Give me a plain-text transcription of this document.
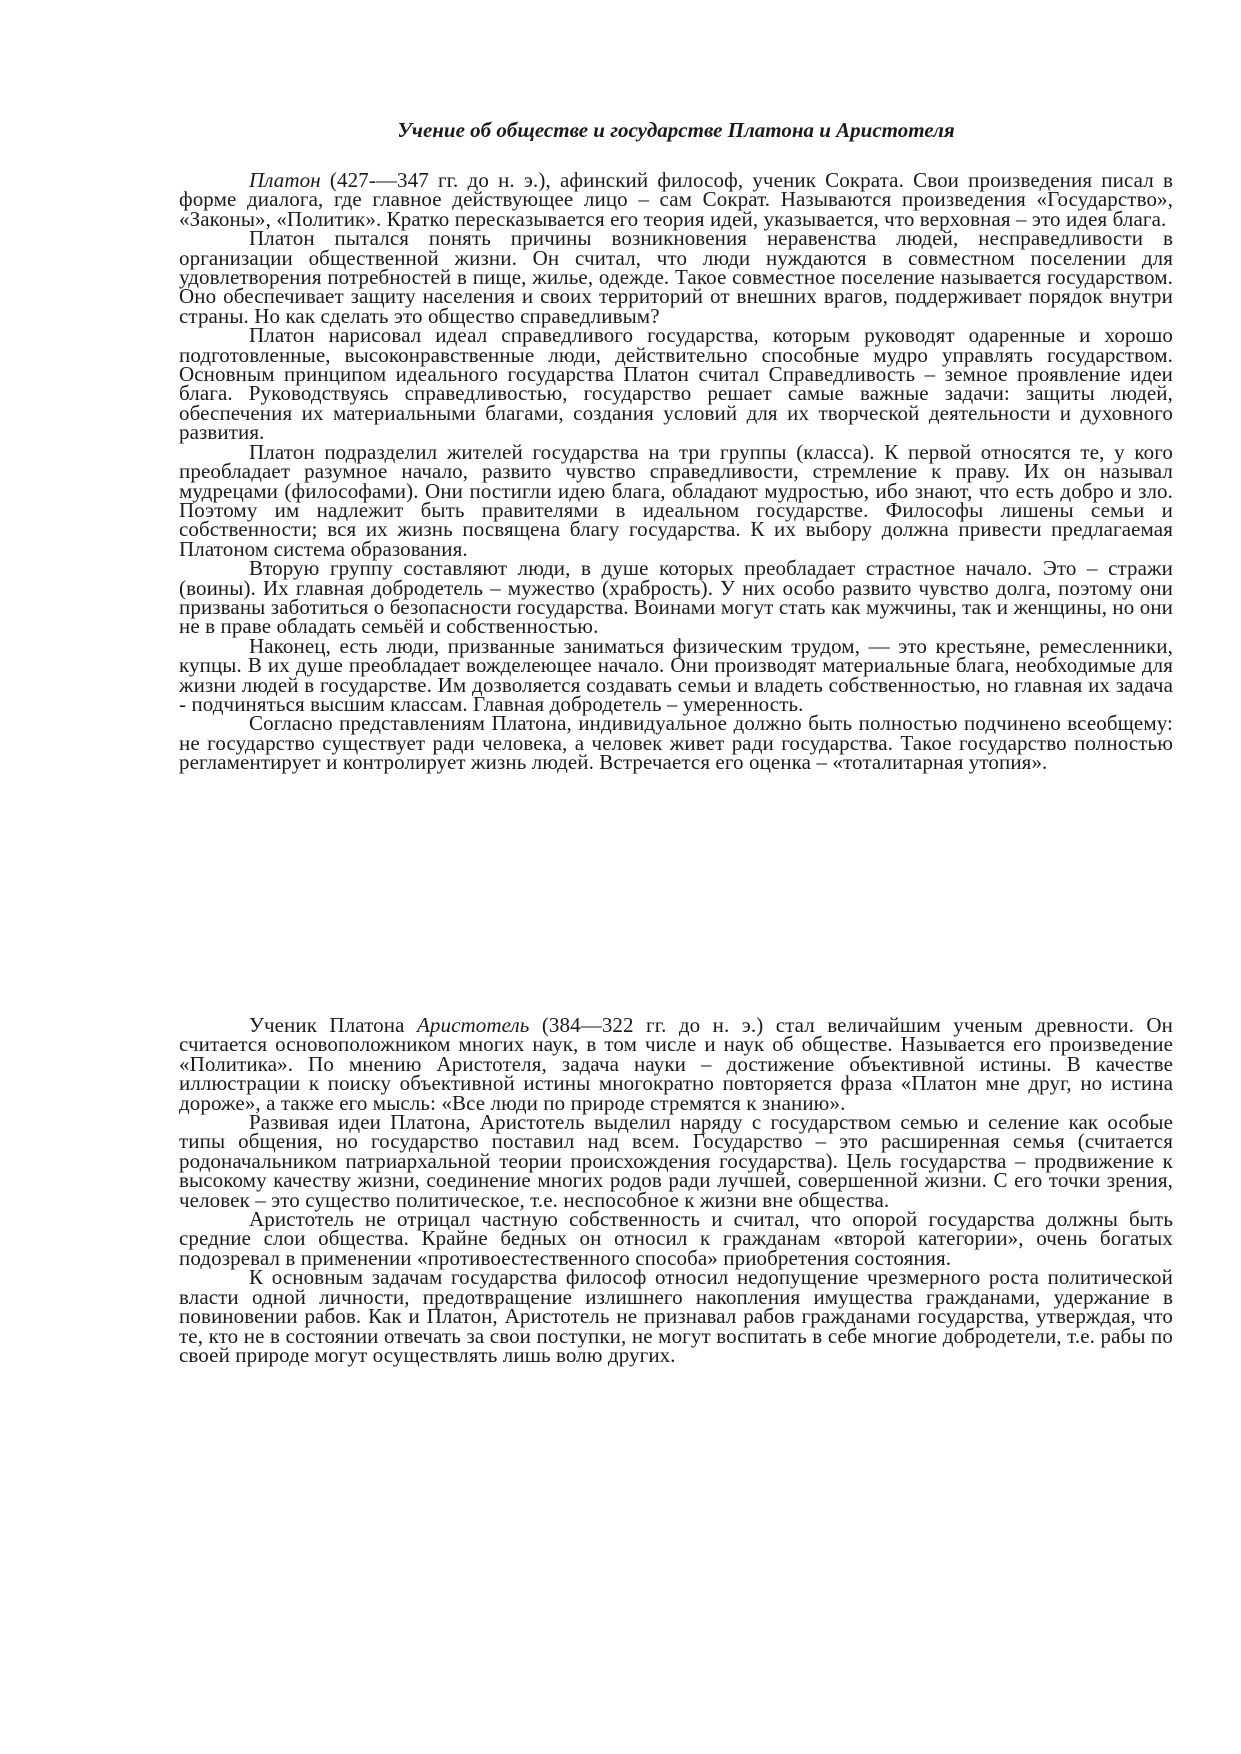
Учение об обществе и государстве Платона и Аристотеля

Платон (427-—347 гг. до н. э.), афинский философ, ученик Сократа. Свои произведения писал в форме диалога, где главное действующее лицо – сам Сократ. Называются произведения «Государство», «Законы», «Политик». Кратко пересказывается его теория идей, указывается, что верховная – это идея блага.

Платон пытался понять причины возникновения неравенства людей, несправедливости в организации общественной жизни. Он считал, что люди нуждаются в совместном поселении для удовлетворения потребностей в пище, жилье, одежде. Такое совместное поселение называется государством. Оно обеспечивает защиту населения и своих территорий от внешних врагов, поддерживает порядок внутри страны. Но как сделать это общество справедливым?

Платон нарисовал идеал справедливого государства, которым руководят одаренные и хорошо подготовленные, высоконравственные люди, действительно способные мудро управлять государством. Основным принципом идеального государства Платон считал Справедливость – земное проявление идеи блага. Руководствуясь справедливостью, государство решает самые важные задачи: защиты людей, обеспечения их материальными благами, создания условий для их творческой деятельности и духовного развития.

Платон подразделил жителей государства на три группы (класса). К первой относятся те, у кого преобладает разумное начало, развито чувство справедливости, стремление к праву. Их он называл мудрецами (философами). Они постигли идею блага, обладают мудростью, ибо знают, что есть добро и зло. Поэтому им надлежит быть правителями в идеальном государстве. Философы лишены семьи и собственности; вся их жизнь посвящена благу государства. К их выбору должна привести предлагаемая Платоном система образования.

Вторую группу составляют люди, в душе которых преобладает страстное начало. Это – стражи (воины). Их главная добродетель – мужество (храбрость). У них особо развито чувство долга, поэтому они призваны заботиться о безопасности государства. Воинами могут стать как мужчины, так и женщины, но они не в праве обладать семьёй и собственностью.

Наконец, есть люди, призванные заниматься физическим трудом, — это крестьяне, ремесленники, купцы. В их душе преобладает вожделеющее начало. Они производят материальные блага, необходимые для жизни людей в государстве. Им дозволяется создавать семьи и владеть собственностью, но главная их задача - подчиняться высшим классам. Главная добродетель – умеренность.

Согласно представлениям Платона, индивидуальное должно быть полностью подчинено всеобщему: не государство существует ради человека, а человек живет ради государства. Такое государство полностью регламентирует и контролирует жизнь людей. Встречается его оценка – «тоталитарная утопия».

Ученик Платона Аристотель (384—322 гг. до н. э.) стал величайшим ученым древности. Он считается основоположником многих наук, в том числе и наук об обществе. Называется его произведение «Политика». По мнению Аристотеля, задача науки – достижение объективной истины. В качестве иллюстрации к поиску объективной истины многократно повторяется фраза «Платон мне друг, но истина дороже», а также его мысль: «Все люди по природе стремятся к знанию».

Развивая идеи Платона, Аристотель выделил наряду с государством семью и селение как особые типы общения, но государство поставил над всем. Государство – это расширенная семья (считается родоначальником патриархальной теории происхождения государства). Цель государства – продвижение к высокому качеству жизни, соединение многих родов ради лучшей, совершенной жизни. С его точки зрения, человек – это существо политическое, т.е. неспособное к жизни вне общества.

Аристотель не отрицал частную собственность и считал, что опорой государства должны быть средние слои общества. Крайне бедных он относил к гражданам «второй категории», очень богатых подозревал в применении «противоестественного способа» приобретения состояния.

К основным задачам государства философ относил недопущение чрезмерного роста политической власти одной личности, предотвращение излишнего накопления имущества гражданами, удержание в повиновении рабов. Как и Платон, Аристотель не признавал рабов гражданами государства, утверждая, что те, кто не в состоянии отвечать за свои поступки, не могут воспитать в себе многие добродетели, т.е. рабы по своей природе могут осуществлять лишь волю других.
